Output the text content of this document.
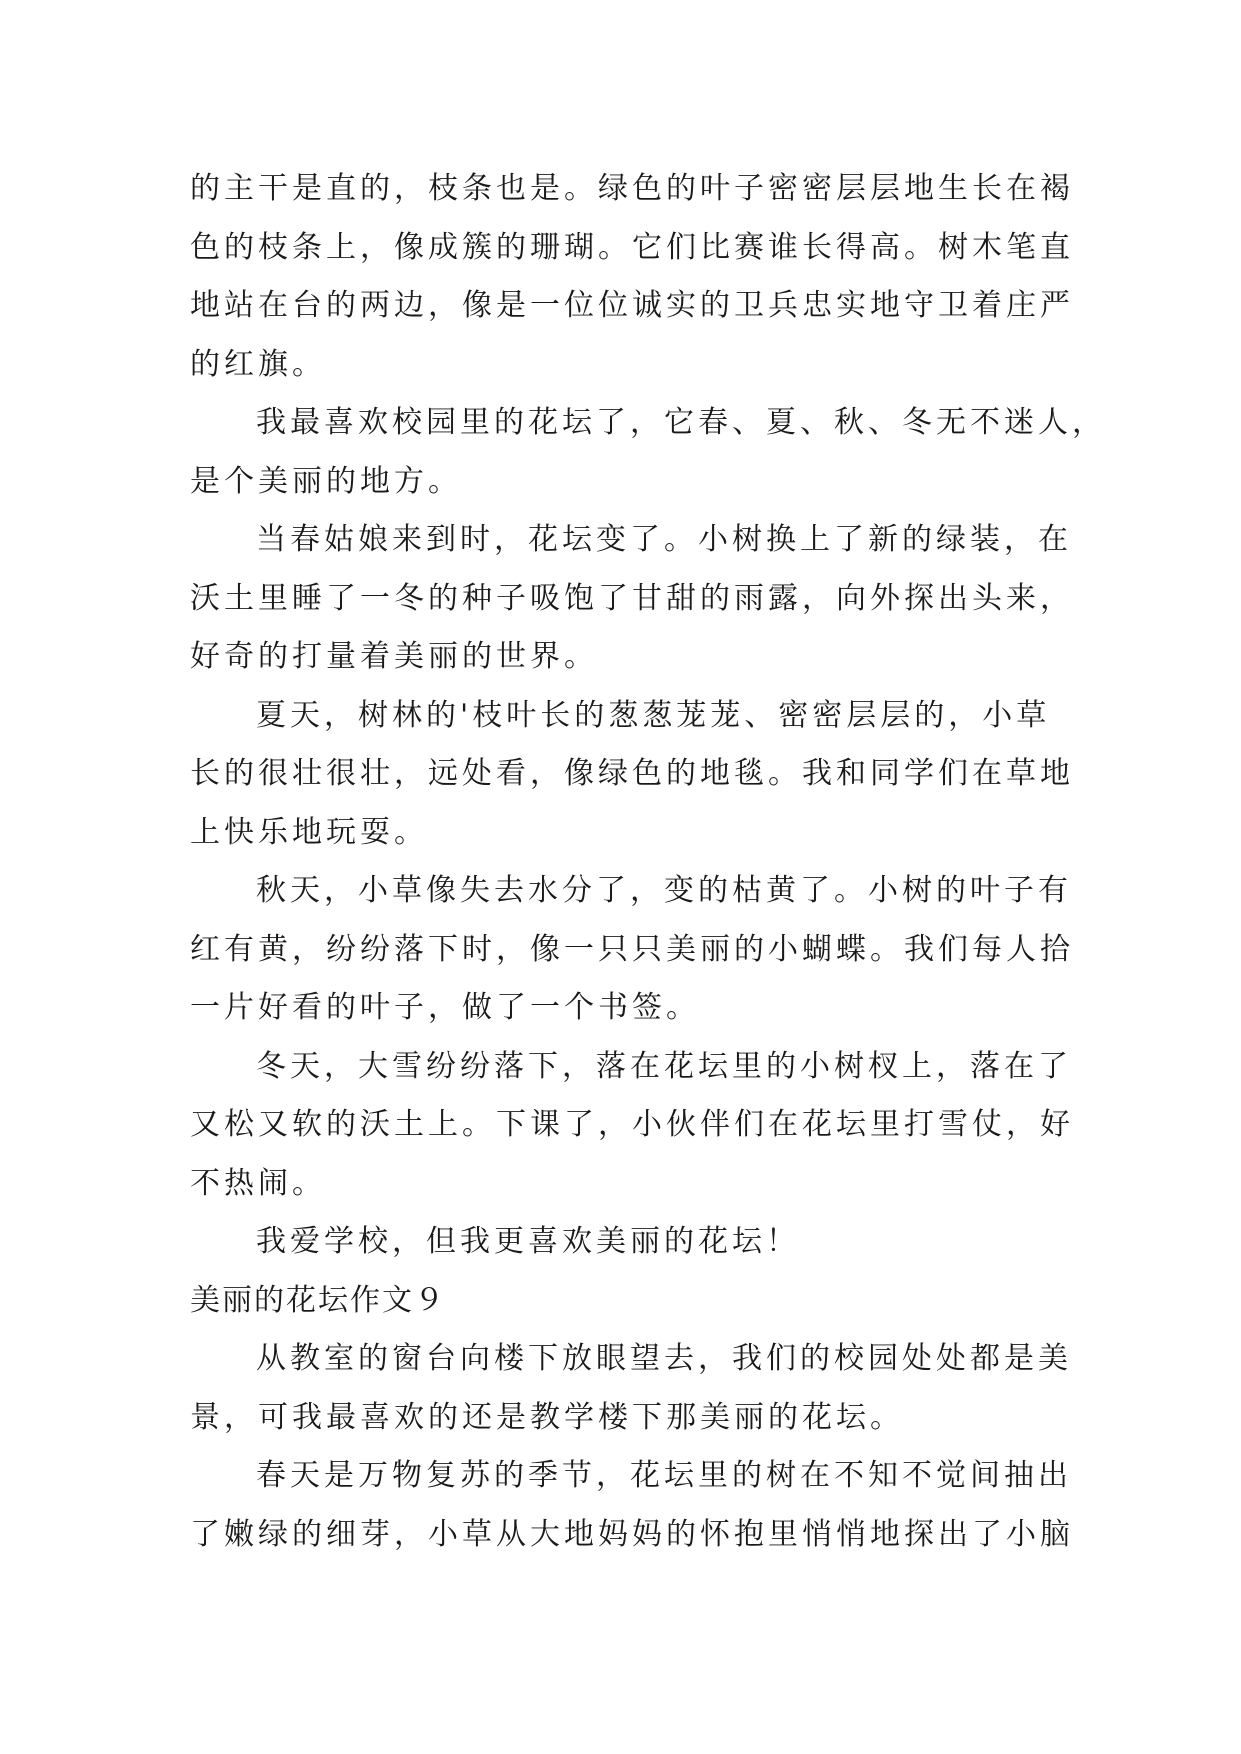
的主干是直的，枝条也是。绿色的叶子密密层层地生长在褐
色的枝条上，像成簇的珊瑚。它们比赛谁长得高。树木笔直
地站在台的两边，像是一位位诚实的卫兵忠实地守卫着庄严
的红旗。
我最喜欢校园里的花坛了，它春、夏、秋、冬无不迷人，
是个美丽的地方。
当春姑娘来到时，花坛变了。小树换上了新的绿装，在
沃土里睡了一冬的种子吸饱了甘甜的雨露，向外探出头来，
好奇的打量着美丽的世界。
夏天，树林的'枝叶长的葱葱茏茏、密密层层的，小草
长的很壮很壮，远处看，像绿色的地毯。我和同学们在草地
上快乐地玩耍。
秋天，小草像失去水分了，变的枯黄了。小树的叶子有
红有黄，纷纷落下时，像一只只美丽的小蝴蝶。我们每人拾
一片好看的叶子，做了一个书签。
冬天，大雪纷纷落下，落在花坛里的小树杈上，落在了
又松又软的沃土上。下课了，小伙伴们在花坛里打雪仗，好
不热闹。
我爱学校，但我更喜欢美丽的花坛！
美丽的花坛作文９
从教室的窗台向楼下放眼望去，我们的校园处处都是美
景，可我最喜欢的还是教学楼下那美丽的花坛。
春天是万物复苏的季节，花坛里的树在不知不觉间抽出
了嫩绿的细芽，小草从大地妈妈的怀抱里悄悄地探出了小脑
